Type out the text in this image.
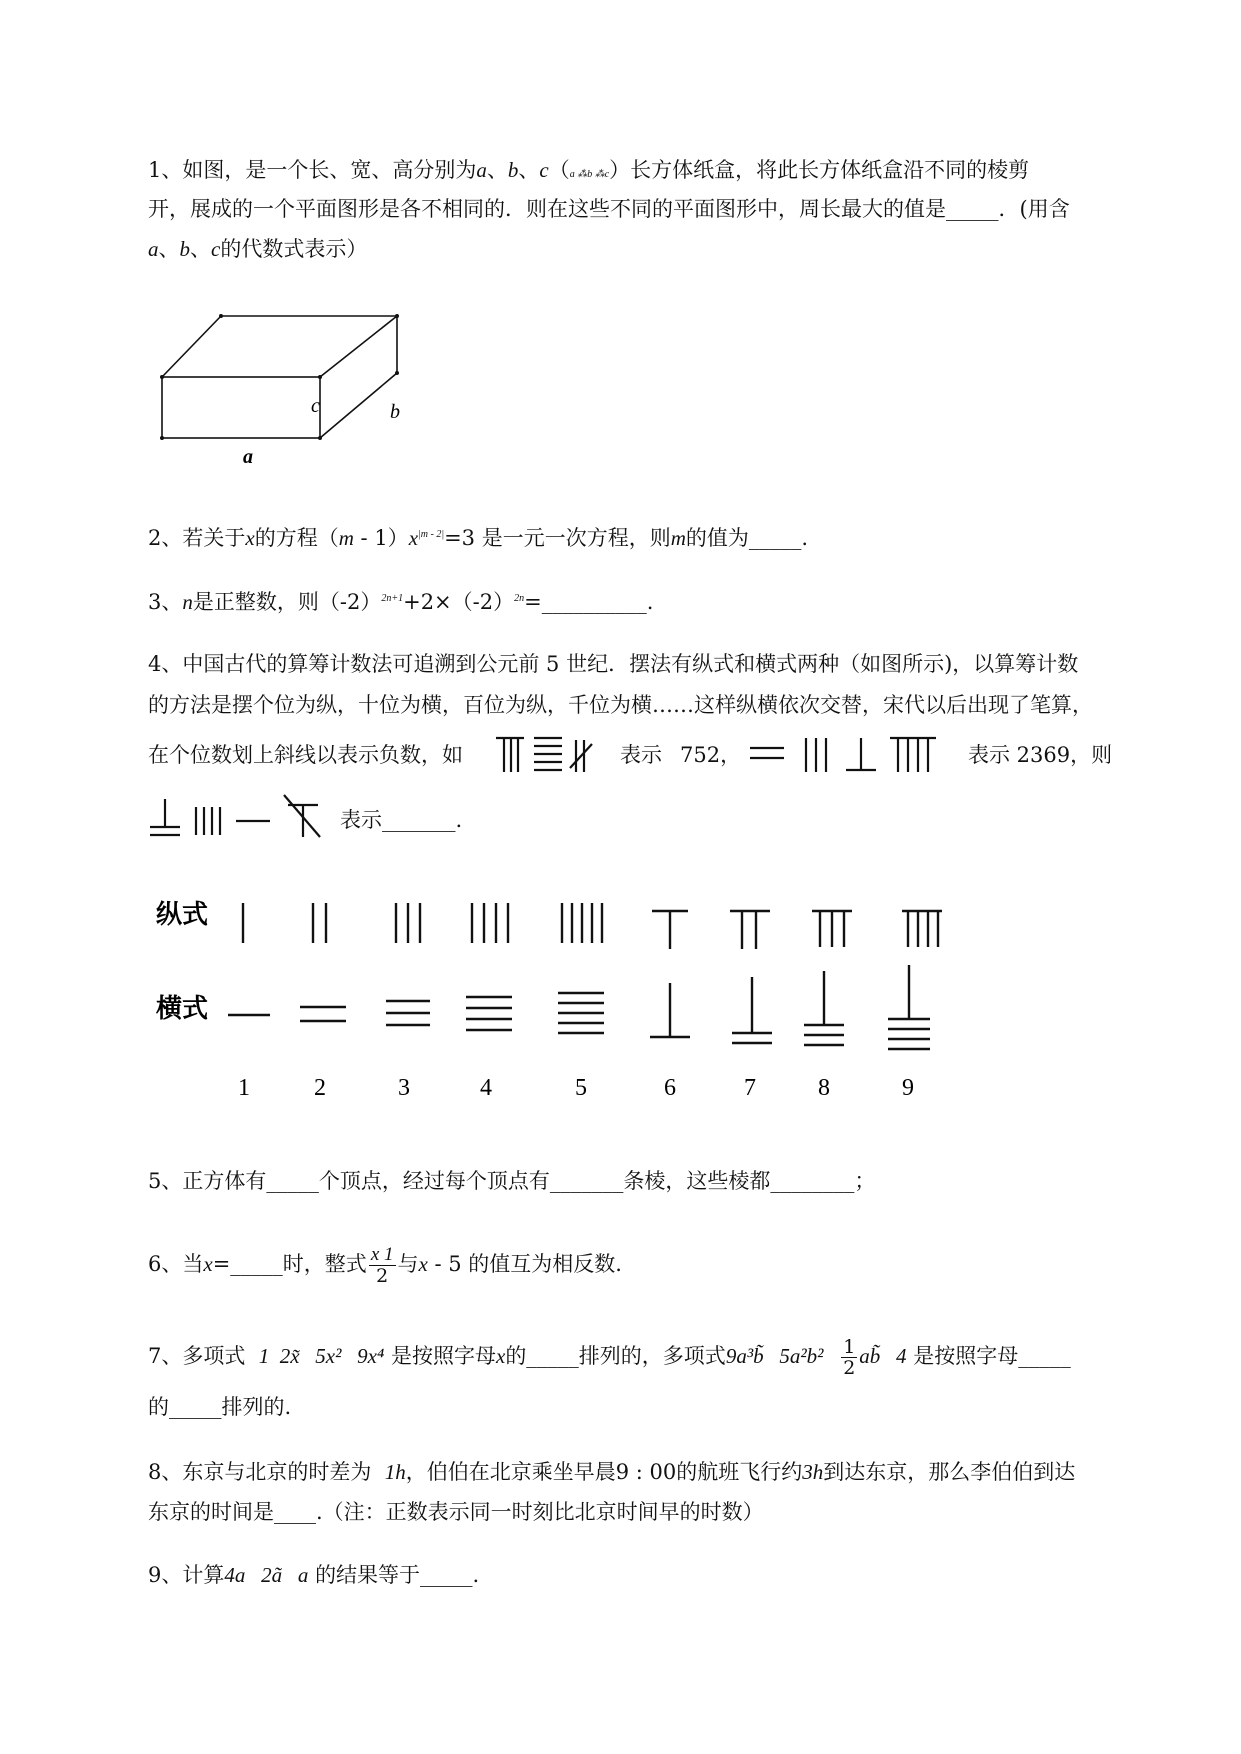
1、如图，是一个长、宽、高分别为a、b、c（a ⁂b ⁂c）长方体纸盒，将此长方体纸盒沿不同的棱剪
开，展成的一个平面图形是各不相同的．则在这些不同的平面图形中，周长最大的值是_____．(用含
a、b、c的代数式表示）
c	b
a
2、若关于x的方程$(m - 1)x^{|m - 2|}=3$ 是一元一次方程，则m的值为_____.
3、n是正整数，则$(-2)^{2n+1}+2\times(-2)^{2n}=\_\_\_\_\_\_\_\_\_\_$.
4、中国古代的算筹计数法可追溯到公元前 5 世纪．摆法有纵式和横式两种（如图所示)，以算筹计数
的方法是摆个位为纵，十位为横，百位为纵，千位为横……这样纵横依次交替，宋代以后出现了笔算，
在个位数划上斜线以表示负数，如	表示 752，	表示 2369，则
表示_______.
纵式
横式
1	2	3	4	5	6	7	8	9
5、正方体有_____个顶点，经过每个顶点有_______条棱，这些棱都________；
6、当x=_____时，整式 $\frac{x 1}{2}$ 与x - 5 的值互为相反数.
7、多项式 1  2x̃   5x²   9x⁴ 是按照字母x的_____排列的，多项式9a³b̃   $5a^2b^2 \frac{1}{2}$ ab̃   4 是按照字母_____
的_____排列的.
8、东京与北京的时差为 1h，伯伯在北京乘坐早晨9 : 00的航班飞行约3h到达东京，那么李伯伯到达
东京的时间是____.（注：正数表示同一时刻比北京时间早的时数）
9、计算4a   2ã   a 的结果等于_____.
